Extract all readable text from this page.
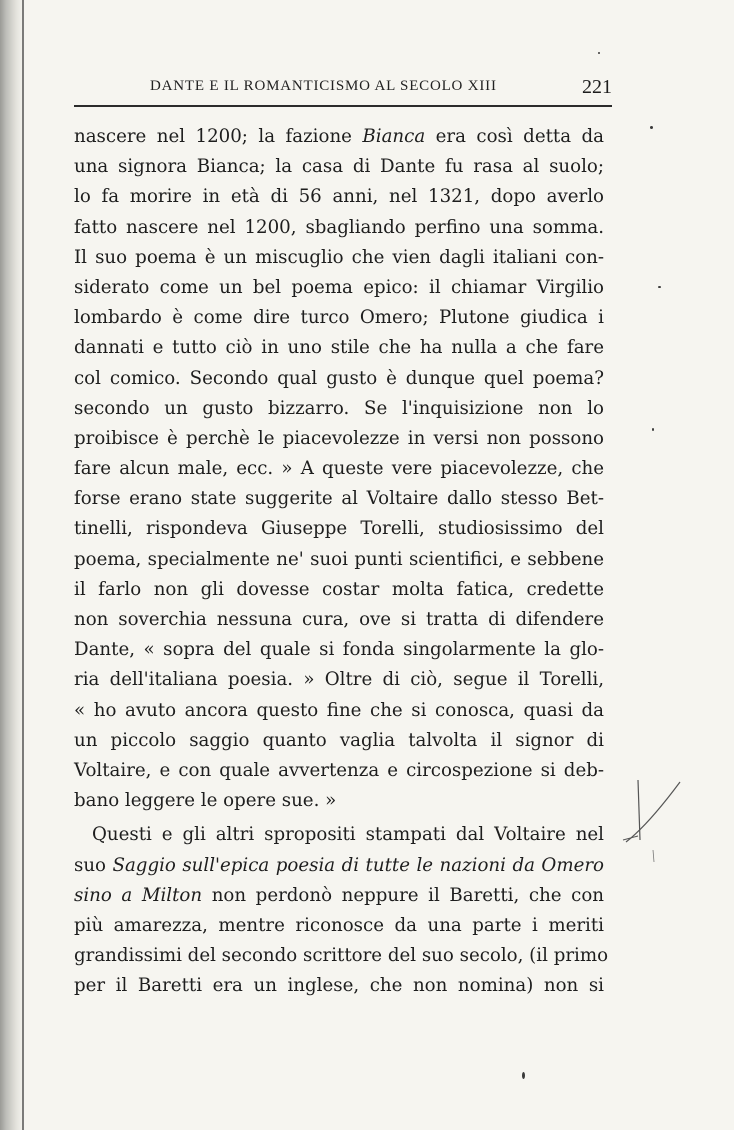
DANTE E IL ROMANTICISMO AL SECOLO XIII	221
nascere nel 1200; la fazione Bianca era così detta da
una signora Bianca; la casa di Dante fu rasa al suolo;
lo fa morire in età di 56 anni, nel 1321, dopo averlo
fatto nascere nel 1200, sbagliando perfino una somma.
Il suo poema è un miscuglio che vien dagli italiani con-
siderato come un bel poema epico: il chiamar Virgilio
lombardo è come dire turco Omero; Plutone giudica i
dannati e tutto ciò in uno stile che ha nulla a che fare
col comico. Secondo qual gusto è dunque quel poema?
secondo un gusto bizzarro. Se l'inquisizione non lo
proibisce è perchè le piacevolezze in versi non possono
fare alcun male, ecc. » A queste vere piacevolezze, che
forse erano state suggerite al Voltaire dallo stesso Bet-
tinelli, rispondeva Giuseppe Torelli, studiosissimo del
poema, specialmente ne' suoi punti scientifici, e sebbene
il farlo non gli dovesse costar molta fatica, credette
non soverchia nessuna cura, ove si tratta di difendere
Dante, « sopra del quale si fonda singolarmente la glo-
ria dell'italiana poesia. » Oltre di ciò, segue il Torelli,
« ho avuto ancora questo fine che si conosca, quasi da
un piccolo saggio quanto vaglia talvolta il signor di
Voltaire, e con quale avvertenza e circospezione si deb-
bano leggere le opere sue. »
Questi e gli altri spropositi stampati dal Voltaire nel
suo Saggio sull'epica poesia di tutte le nazioni da Omero
sino a Milton non perdonò neppure il Baretti, che con
più amarezza, mentre riconosce da una parte i meriti
grandissimi del secondo scrittore del suo secolo, (il primo
per il Baretti era un inglese, che non nomina) non si
